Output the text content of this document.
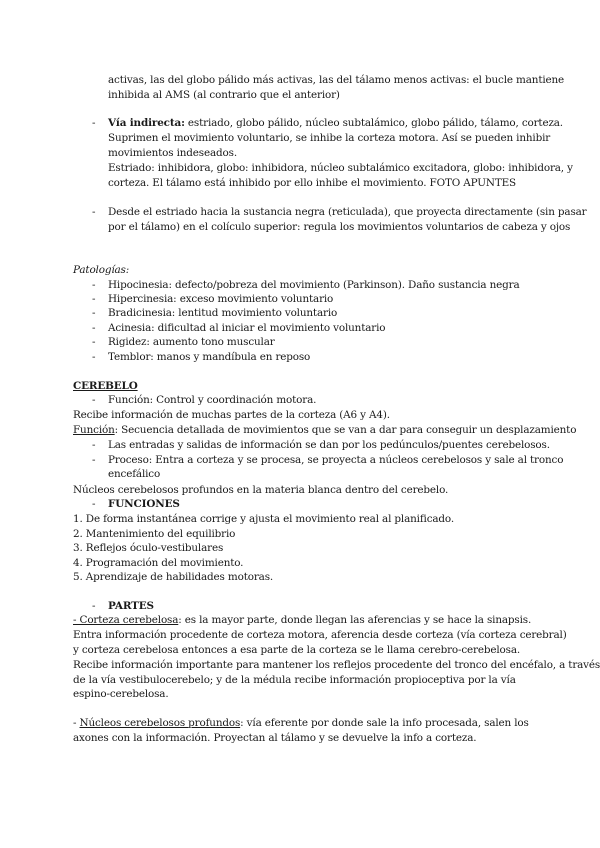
activas, las del globo pálido más activas, las del tálamo menos activas: el bucle mantiene
inhibida al AMS (al contrario que el anterior)
- Vía indirecta: estriado, globo pálido, núcleo subtalámico, globo pálido, tálamo, corteza.
Suprimen el movimiento voluntario, se inhibe la corteza motora. Así se pueden inhibir
movimientos indeseados.
Estriado: inhibidora, globo: inhibidora, núcleo subtalámico excitadora, globo: inhibidora, y
corteza. El tálamo está inhibido por ello inhibe el movimiento. FOTO APUNTES
- Desde el estriado hacia la sustancia negra (reticulada), que proyecta directamente (sin pasar
por el tálamo) en el colículo superior: regula los movimientos voluntarios de cabeza y ojos
Patologías:
- Hipocinesia: defecto/pobreza del movimiento (Parkinson). Daño sustancia negra
- Hipercinesia: exceso movimiento voluntario
- Bradicinesia: lentitud movimiento voluntario
- Acinesia: dificultad al iniciar el movimiento voluntario
- Rigidez: aumento tono muscular
- Temblor: manos y mandíbula en reposo
CEREBELO
- Función: Control y coordinación motora.
Recibe información de muchas partes de la corteza (A6 y A4).
Función: Secuencia detallada de movimientos que se van a dar para conseguir un desplazamiento
- Las entradas y salidas de información se dan por los pedúnculos/puentes cerebelosos.
- Proceso: Entra a corteza y se procesa, se proyecta a núcleos cerebelosos y sale al tronco
encefálico
Núcleos cerebelosos profundos en la materia blanca dentro del cerebelo.
- FUNCIONES
1. De forma instantánea corrige y ajusta el movimiento real al planificado.
2. Mantenimiento del equilibrio
3. Reflejos óculo-vestibulares
4. Programación del movimiento.
5. Aprendizaje de habilidades motoras.
- PARTES
- Corteza cerebelosa: es la mayor parte, donde llegan las aferencias y se hace la sinapsis.
Entra información procedente de corteza motora, aferencia desde corteza (vía corteza cerebral)
y corteza cerebelosa entonces a esa parte de la corteza se le llama cerebro-cerebelosa.
Recibe información importante para mantener los reflejos procedente del tronco del encéfalo, a través
de la vía vestibulocerebelo; y de la médula recibe información propioceptiva por la vía
espino-cerebelosa.
- Núcleos cerebelosos profundos: vía eferente por donde sale la info procesada, salen los
axones con la información. Proyectan al tálamo y se devuelve la info a corteza.
